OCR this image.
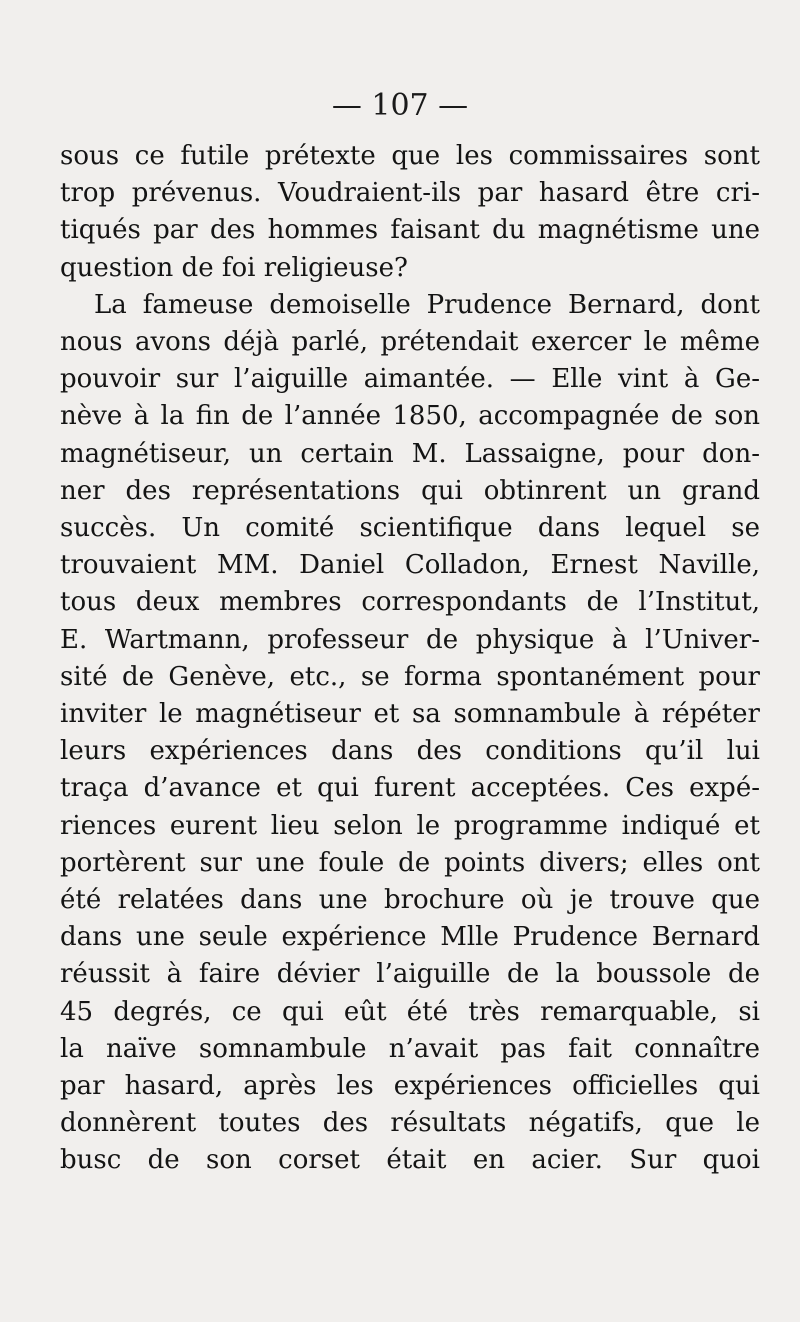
— 107 —
sous ce futile prétexte que les commissaires sont
trop prévenus. Voudraient-ils par hasard être cri-
tiqués par des hommes faisant du magnétisme une
question de foi religieuse?
La fameuse demoiselle Prudence Bernard, dont
nous avons déjà parlé, prétendait exercer le même
pouvoir sur l’aiguille aimantée. — Elle vint à Ge-
nève à la fin de l’année 1850, accompagnée de son
magnétiseur, un certain M. Lassaigne, pour don-
ner des représentations qui obtinrent un grand
succès. Un comité scientifique dans lequel se
trouvaient MM. Daniel Colladon, Ernest Naville,
tous deux membres correspondants de l’Institut,
E. Wartmann, professeur de physique à l’Univer-
sité de Genève, etc., se forma spontanément pour
inviter le magnétiseur et sa somnambule à répéter
leurs expériences dans des conditions qu’il lui
traça d’avance et qui furent acceptées. Ces expé-
riences eurent lieu selon le programme indiqué et
portèrent sur une foule de points divers; elles ont
été relatées dans une brochure où je trouve que
dans une seule expérience Mlle Prudence Bernard
réussit à faire dévier l’aiguille de la boussole de
45 degrés, ce qui eût été très remarquable, si
la naïve somnambule n’avait pas fait connaître
par hasard, après les expériences officielles qui
donnèrent toutes des résultats négatifs, que le
busc de son corset était en acier. Sur quoi
